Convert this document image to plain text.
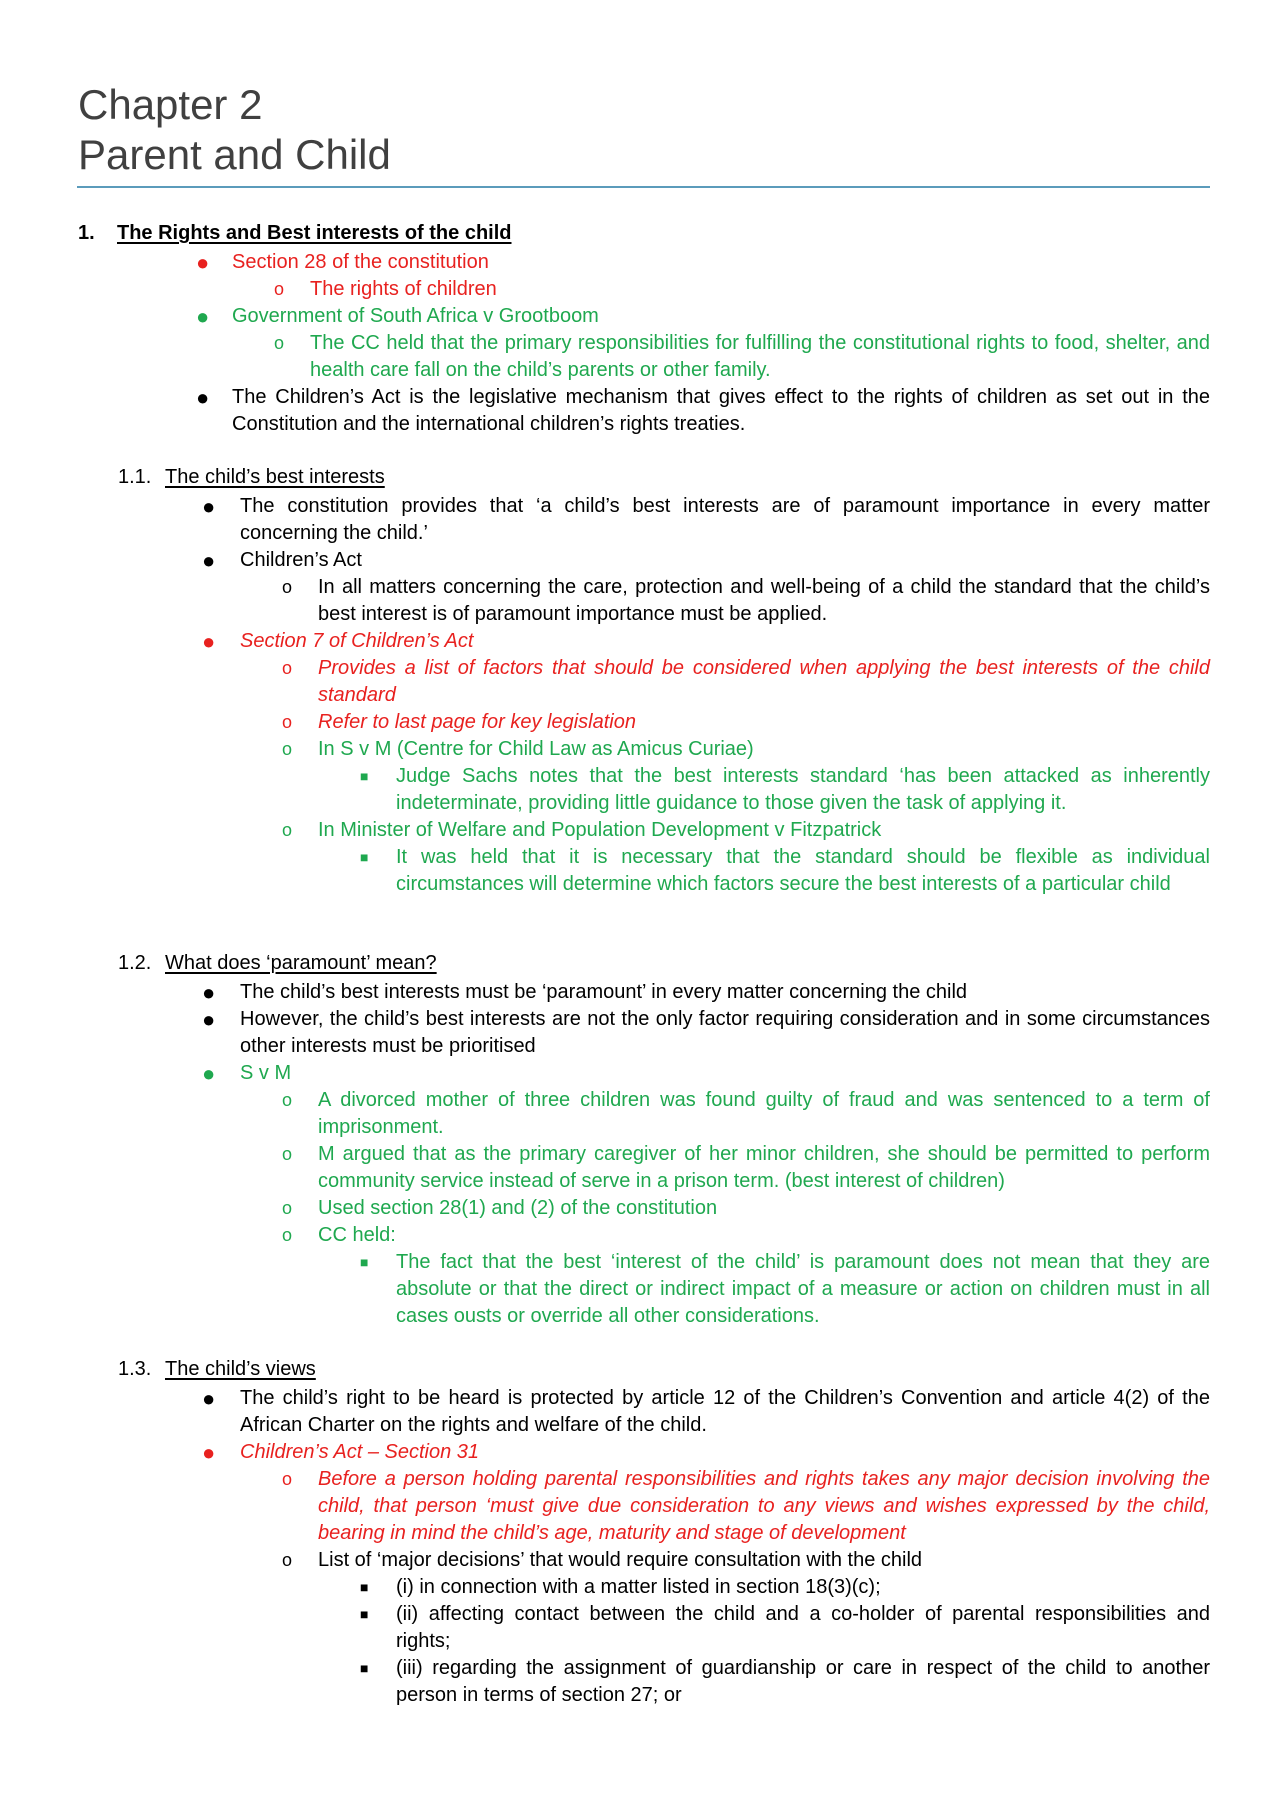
Chapter 2
Parent and Child
1. The Rights and Best interests of the child
● Section 28 of the constitution
o The rights of children
● Government of South Africa v Grootboom
o The CC held that the primary responsibilities for fulfilling the constitutional rights to food, shelter, and health care fall on the child’s parents or other family.
● The Children’s Act is the legislative mechanism that gives effect to the rights of children as set out in the Constitution and the international children’s rights treaties.
1.1. The child’s best interests
● The constitution provides that ‘a child’s best interests are of paramount importance in every matter concerning the child.’
● Children’s Act
o In all matters concerning the care, protection and well-being of a child the standard that the child’s best interest is of paramount importance must be applied.
● Section 7 of Children’s Act
o Provides a list of factors that should be considered when applying the best interests of the child standard
o Refer to last page for key legislation
o In S v M (Centre for Child Law as Amicus Curiae)
■ Judge Sachs notes that the best interests standard ‘has been attacked as inherently indeterminate, providing little guidance to those given the task of applying it.
o In Minister of Welfare and Population Development v Fitzpatrick
■ It was held that it is necessary that the standard should be flexible as individual circumstances will determine which factors secure the best interests of a particular child
1.2. What does ‘paramount’ mean?
● The child’s best interests must be ‘paramount’ in every matter concerning the child
● However, the child’s best interests are not the only factor requiring consideration and in some circumstances other interests must be prioritised
● S v M
o A divorced mother of three children was found guilty of fraud and was sentenced to a term of imprisonment.
o M argued that as the primary caregiver of her minor children, she should be permitted to perform community service instead of serve in a prison term. (best interest of children)
o Used section 28(1) and (2) of the constitution
o CC held:
■ The fact that the best ‘interest of the child’ is paramount does not mean that they are absolute or that the direct or indirect impact of a measure or action on children must in all cases ousts or override all other considerations.
1.3. The child’s views
● The child’s right to be heard is protected by article 12 of the Children’s Convention and article 4(2) of the African Charter on the rights and welfare of the child.
● Children’s Act – Section 31
o Before a person holding parental responsibilities and rights takes any major decision involving the child, that person ‘must give due consideration to any views and wishes expressed by the child, bearing in mind the child’s age, maturity and stage of development
o List of ‘major decisions’ that would require consultation with the child
■ (i) in connection with a matter listed in section 18(3)(c);
■ (ii) affecting contact between the child and a co-holder of parental responsibilities and rights;
■ (iii) regarding the assignment of guardianship or care in respect of the child to another person in terms of section 27; or
